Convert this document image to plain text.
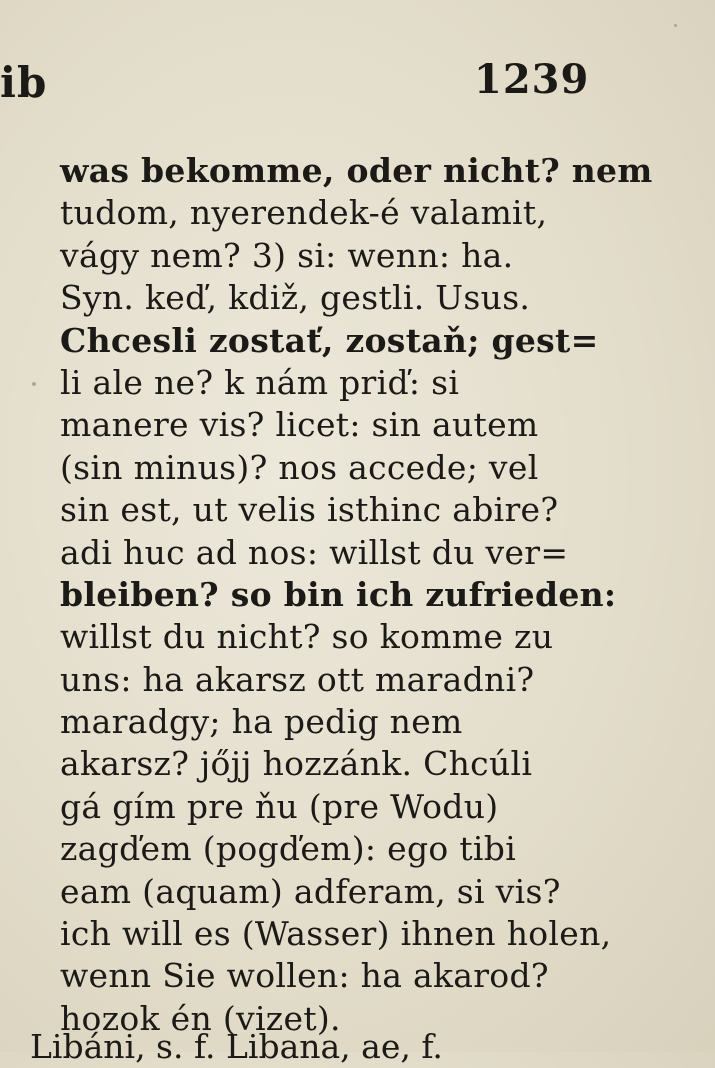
ib	1239
was bekomme, oder nicht? nem
tudom, nyerendek-é valamit,
vágy nem? 3) si: wenn: ha.
Syn. keď, kdiž, gestli. Usus.
Chcesli zostať, zostaň; gest=
li ale ne? k nám priď: si
manere vis? licet: sin autem
(sin minus)? nos accede; vel
sin est, ut velis isthinc abire?
adi huc ad nos: willst du ver=
bleiben? so bin ich zufrieden:
willst du nicht? so komme zu
uns: ha akarsz ott maradni?
maradgy; ha pedig nem
akarsz? jőjj hozzánk. Chcúli
gá gím pre ňu (pre Wodu)
zagďem (pogďem): ego tibi
eam (aquam) adferam, si vis?
ich will es (Wasser) ihnen holen,
wenn Sie wollen: ha akarod?
hozok én (vizet).
Libáni, s. f. Libana, ae, f.
